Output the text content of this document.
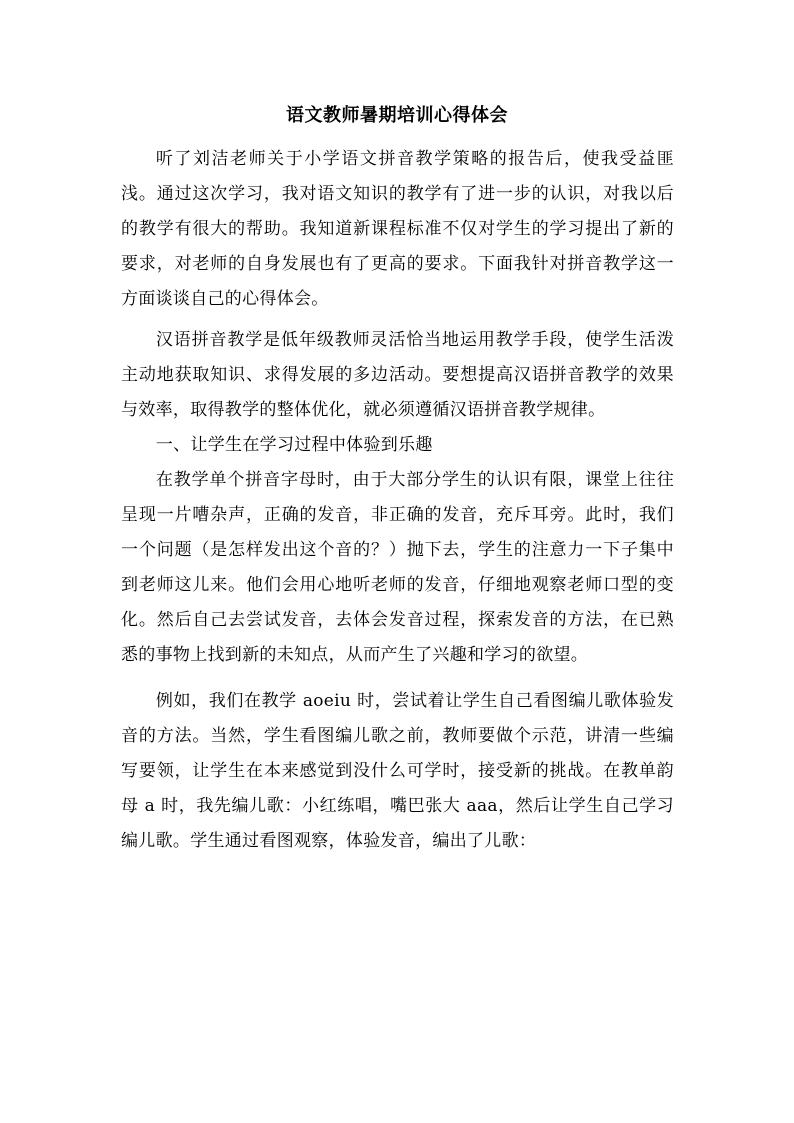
语文教师暑期培训心得体会

听了刘洁老师关于小学语文拼音教学策略的报告后，使我受益匪浅。通过这次学习，我对语文知识的教学有了进一步的认识，对我以后的教学有很大的帮助。我知道新课程标准不仅对学生的学习提出了新的要求，对老师的自身发展也有了更高的要求。下面我针对拼音教学这一方面谈谈自己的心得体会。

汉语拼音教学是低年级教师灵活恰当地运用教学手段，使学生活泼主动地获取知识、求得发展的多边活动。要想提高汉语拼音教学的效果与效率，取得教学的整体优化，就必须遵循汉语拼音教学规律。

一、让学生在学习过程中体验到乐趣

在教学单个拼音字母时，由于大部分学生的认识有限，课堂上往往呈现一片嘈杂声，正确的发音，非正确的发音，充斥耳旁。此时，我们一个问题（是怎样发出这个音的？）抛下去，学生的注意力一下子集中到老师这儿来。他们会用心地听老师的发音，仔细地观察老师口型的变化。然后自己去尝试发音，去体会发音过程，探索发音的方法，在已熟悉的事物上找到新的未知点，从而产生了兴趣和学习的欲望。

例如，我们在教学 aoeiu 时，尝试着让学生自己看图编儿歌体验发音的方法。当然，学生看图编儿歌之前，教师要做个示范，讲清一些编写要领，让学生在本来感觉到没什么可学时，接受新的挑战。在教单韵母 a 时，我先编儿歌：小红练唱，嘴巴张大 aaa，然后让学生自己学习编儿歌。学生通过看图观察，体验发音，编出了儿歌：
